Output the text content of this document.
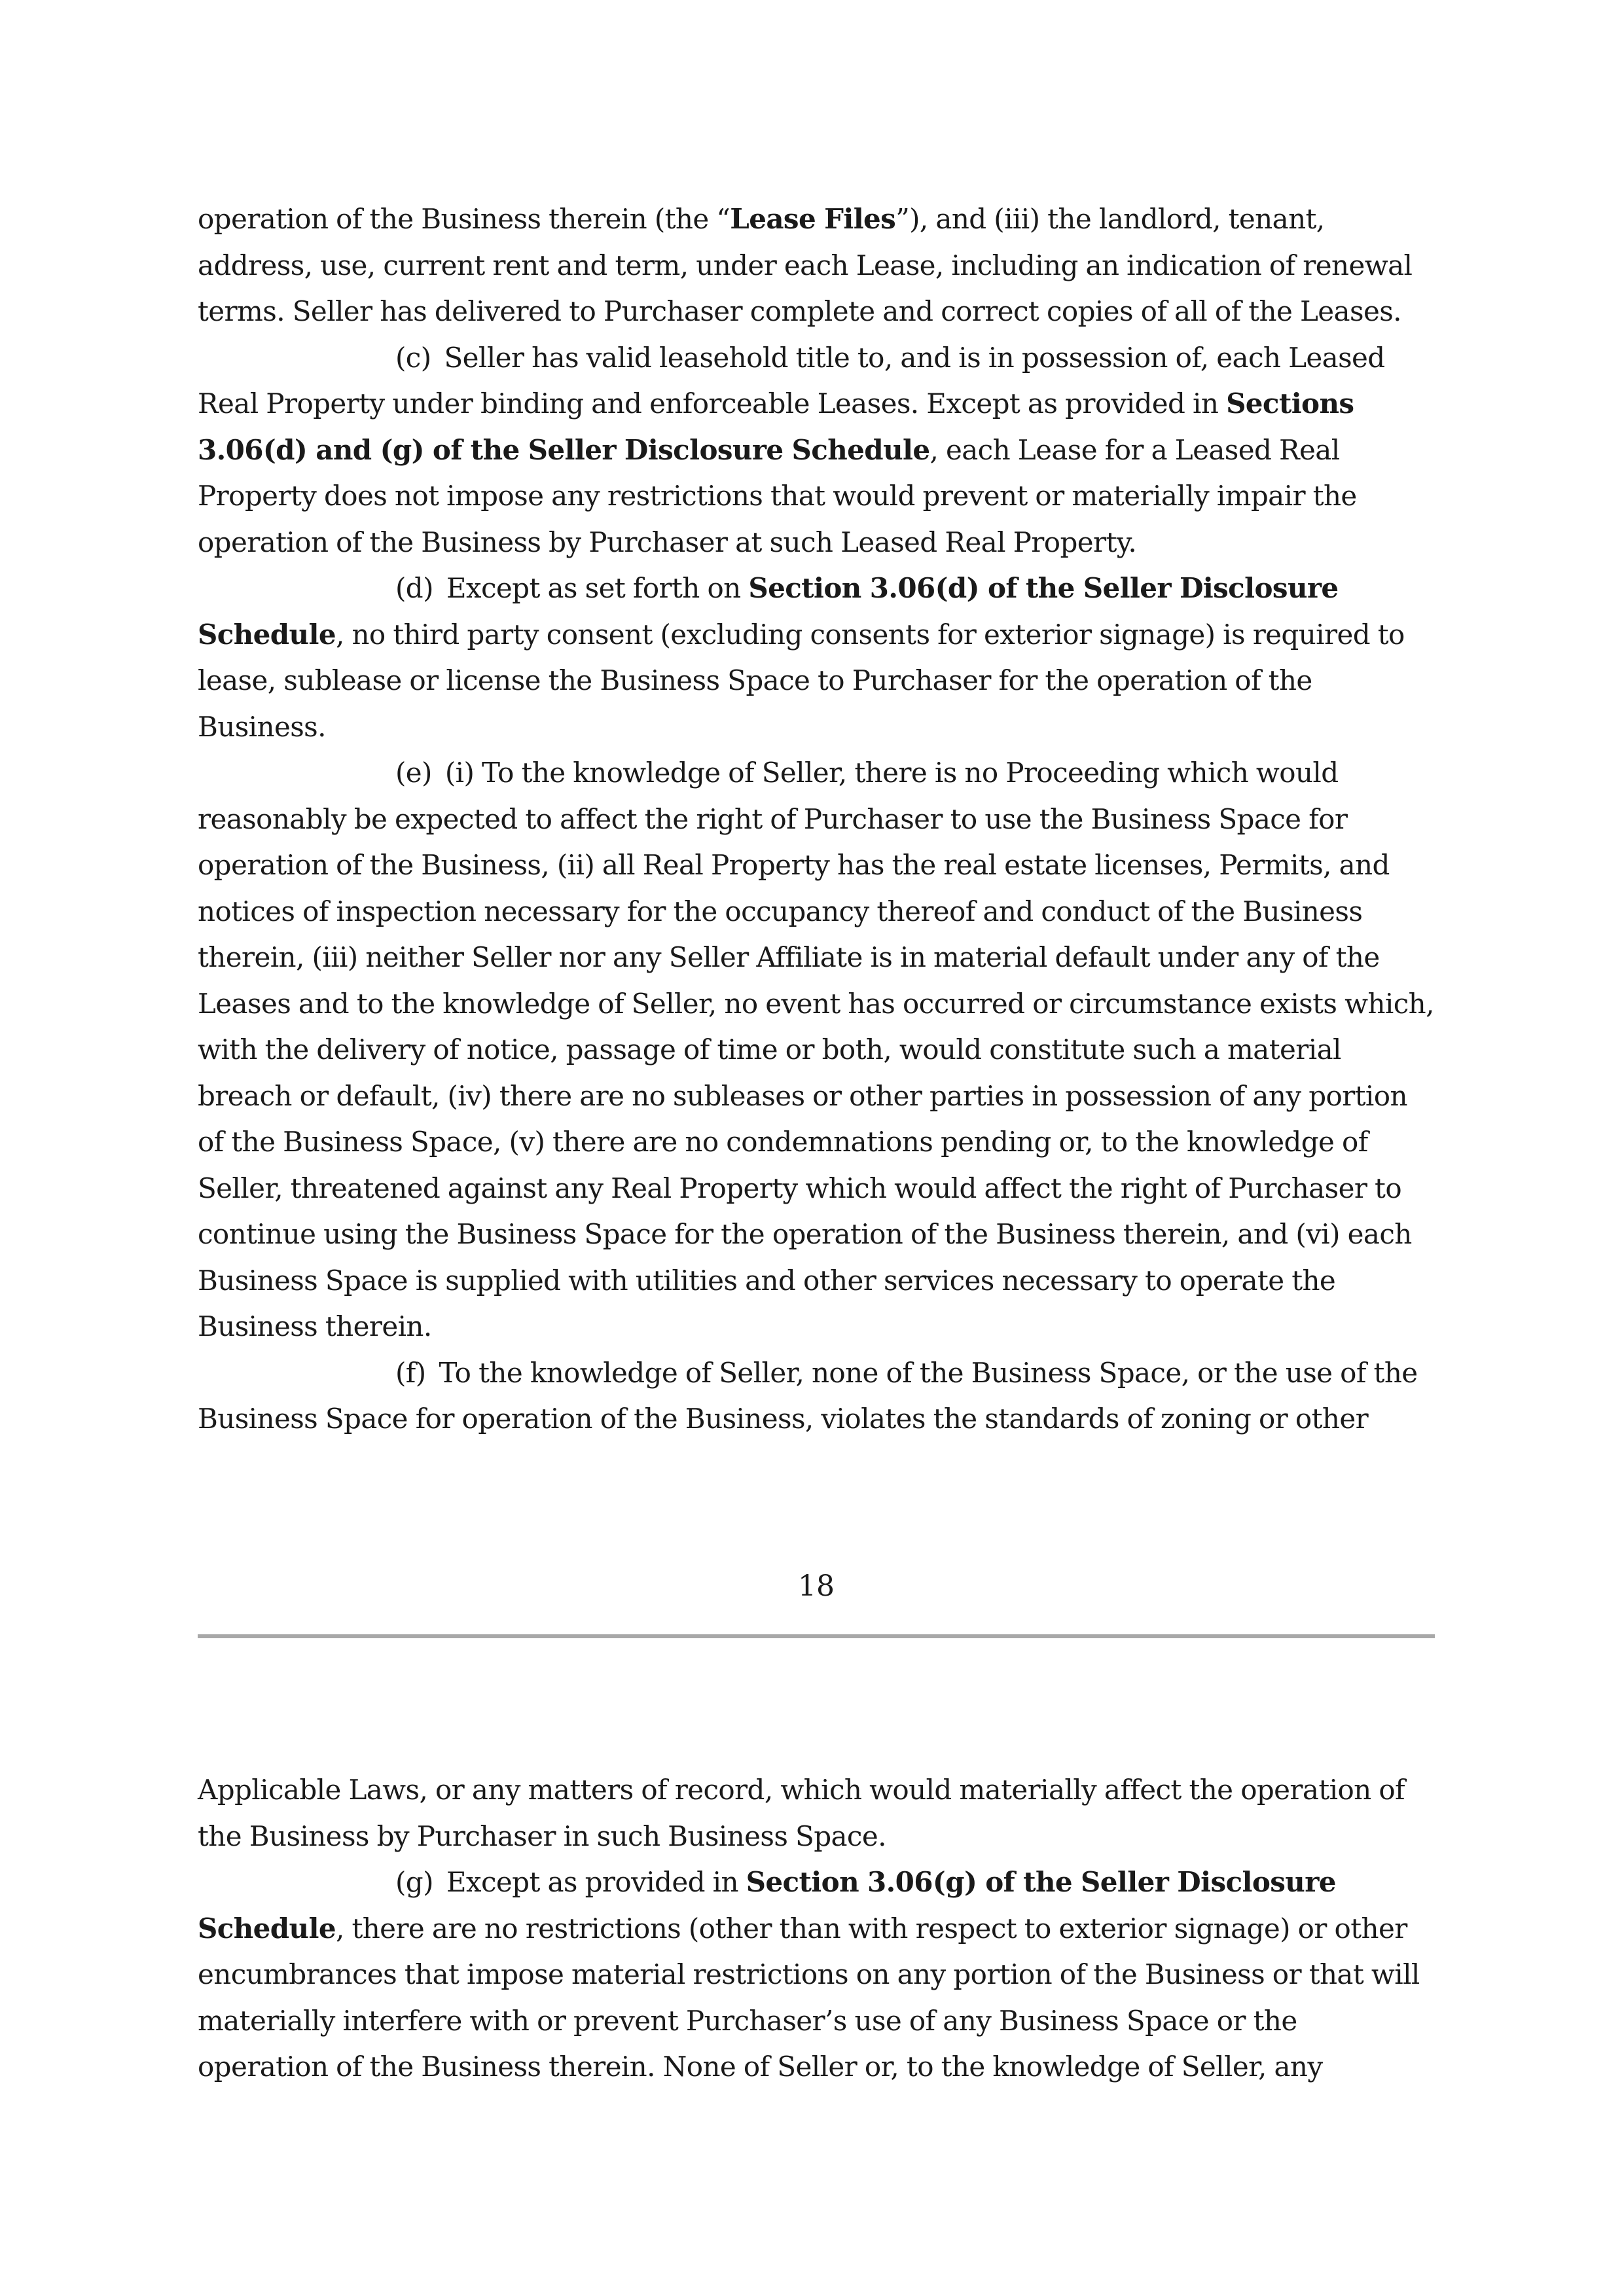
operation of the Business therein (the “Lease Files”), and (iii) the landlord, tenant, address, use, current rent and term, under each Lease, including an indication of renewal terms. Seller has delivered to Purchaser complete and correct copies of all of the Leases.

(c) Seller has valid leasehold title to, and is in possession of, each Leased Real Property under binding and enforceable Leases. Except as provided in Sections 3.06(d) and (g) of the Seller Disclosure Schedule, each Lease for a Leased Real Property does not impose any restrictions that would prevent or materially impair the operation of the Business by Purchaser at such Leased Real Property.

(d) Except as set forth on Section 3.06(d) of the Seller Disclosure Schedule, no third party consent (excluding consents for exterior signage) is required to lease, sublease or license the Business Space to Purchaser for the operation of the Business.

(e) (i) To the knowledge of Seller, there is no Proceeding which would reasonably be expected to affect the right of Purchaser to use the Business Space for operation of the Business, (ii) all Real Property has the real estate licenses, Permits, and notices of inspection necessary for the occupancy thereof and conduct of the Business therein, (iii) neither Seller nor any Seller Affiliate is in material default under any of the Leases and to the knowledge of Seller, no event has occurred or circumstance exists which, with the delivery of notice, passage of time or both, would constitute such a material breach or default, (iv) there are no subleases or other parties in possession of any portion of the Business Space, (v) there are no condemnations pending or, to the knowledge of Seller, threatened against any Real Property which would affect the right of Purchaser to continue using the Business Space for the operation of the Business therein, and (vi) each Business Space is supplied with utilities and other services necessary to operate the Business therein.

(f) To the knowledge of Seller, none of the Business Space, or the use of the Business Space for operation of the Business, violates the standards of zoning or other

18

Applicable Laws, or any matters of record, which would materially affect the operation of the Business by Purchaser in such Business Space.

(g) Except as provided in Section 3.06(g) of the Seller Disclosure Schedule, there are no restrictions (other than with respect to exterior signage) or other encumbrances that impose material restrictions on any portion of the Business or that will materially interfere with or prevent Purchaser’s use of any Business Space or the operation of the Business therein. None of Seller or, to the knowledge of Seller, any
